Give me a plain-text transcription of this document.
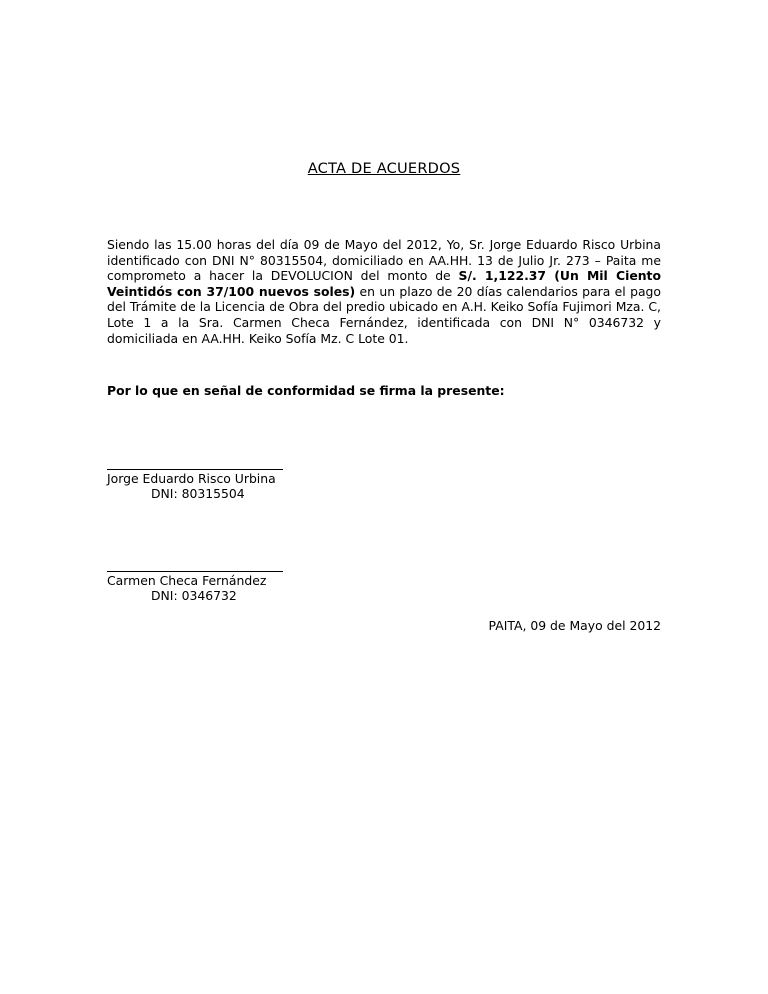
ACTA DE ACUERDOS
Siendo las 15.00 horas del día 09 de Mayo del 2012, Yo, Sr. Jorge Eduardo Risco Urbina identificado con DNI N° 80315504, domiciliado en AA.HH. 13 de Julio Jr. 273 – Paita me comprometo a hacer la DEVOLUCION del monto de S/. 1,122.37 (Un Mil Ciento Veintidós con 37/100 nuevos soles) en un plazo de 20 días calendarios para el pago del Trámite de la Licencia de Obra del predio ubicado en A.H. Keiko Sofía Fujimori Mza. C, Lote 1 a la Sra. Carmen Checa Fernández, identificada con DNI N° 0346732 y domiciliada en AA.HH. Keiko Sofía Mz. C Lote 01.
Por lo que en señal de conformidad se firma la presente:
Jorge Eduardo Risco Urbina
DNI: 80315504
Carmen Checa Fernández
DNI: 0346732
PAITA, 09 de Mayo del 2012
